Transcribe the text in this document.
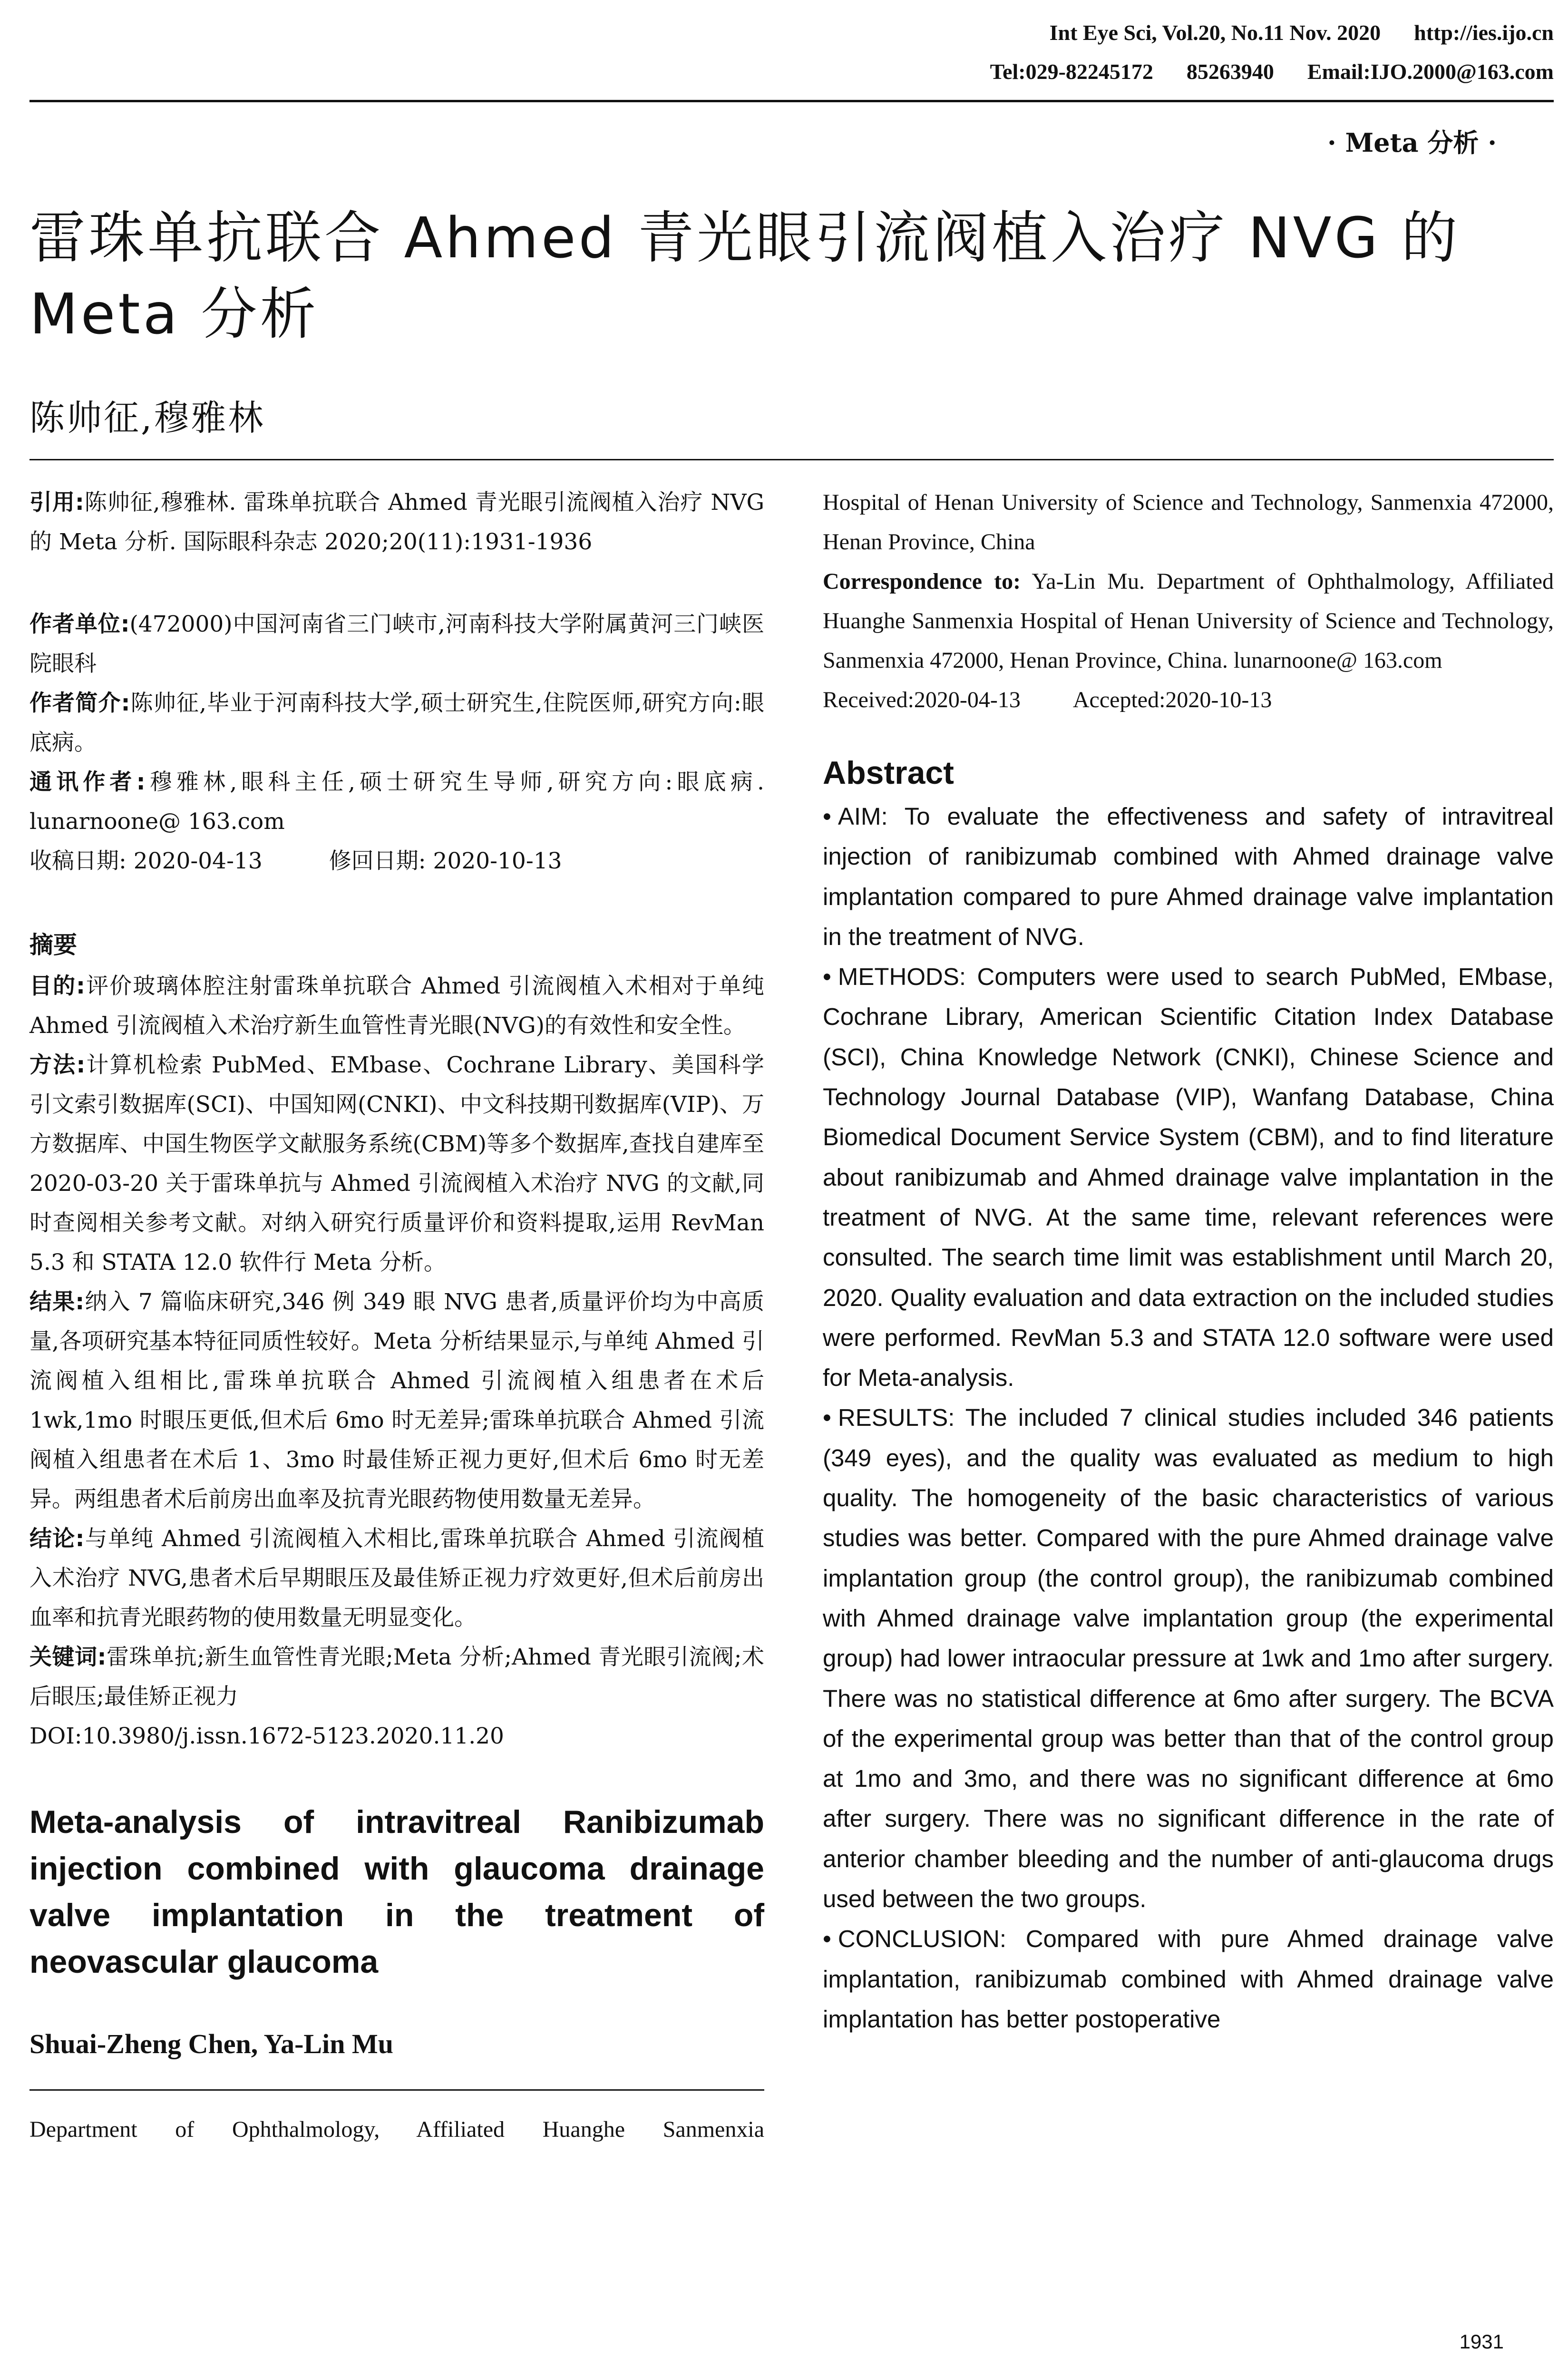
Int Eye Sci, Vol.20, No.11 Nov. 2020 http://ies.ijo.cn
Tel:029-82245172 85263940 Email:IJO.2000@163.com
· Meta 分析 ·
雷珠单抗联合 Ahmed 青光眼引流阀植入治疗 NVG 的
Meta 分析
陈帅征,穆雅林

引用:陈帅征,穆雅林. 雷珠单抗联合 Ahmed 青光眼引流阀植入治疗 NVG 的 Meta 分析. 国际眼科杂志 2020;20(11):1931-1936

作者单位:(472000)中国河南省三门峡市,河南科技大学附属黄河三门峡医院眼科

作者简介:陈帅征,毕业于河南科技大学,硕士研究生,住院医师,研究方向:眼底病。

通讯作者:穆雅林,眼科主任,硕士研究生导师,研究方向:眼底病. lunarnoone@ 163.com

收稿日期: 2020-04-13	修回日期: 2020-10-13

摘要

目的:评价玻璃体腔注射雷珠单抗联合 Ahmed 引流阀植入术相对于单纯 Ahmed 引流阀植入术治疗新生血管性青光眼(NVG)的有效性和安全性。

方法:计算机检索 PubMed、EMbase、Cochrane Library、美国科学引文索引数据库(SCI)、中国知网(CNKI)、中文科技期刊数据库(VIP)、万方数据库、中国生物医学文献服务系统(CBM)等多个数据库,查找自建库至 2020-03-20 关于雷珠单抗与 Ahmed 引流阀植入术治疗 NVG 的文献,同时查阅相关参考文献。对纳入研究行质量评价和资料提取,运用 RevMan 5.3 和 STATA 12.0 软件行 Meta 分析。

结果:纳入 7 篇临床研究,346 例 349 眼 NVG 患者,质量评价均为中高质量,各项研究基本特征同质性较好。Meta 分析结果显示,与单纯 Ahmed 引流阀植入组相比,雷珠单抗联合 Ahmed 引流阀植入组患者在术后 1wk,1mo 时眼压更低,但术后 6mo 时无差异;雷珠单抗联合 Ahmed 引流阀植入组患者在术后 1、3mo 时最佳矫正视力更好,但术后 6mo 时无差异。两组患者术后前房出血率及抗青光眼药物使用数量无差异。

结论:与单纯 Ahmed 引流阀植入术相比,雷珠单抗联合 Ahmed 引流阀植入术治疗 NVG,患者术后早期眼压及最佳矫正视力疗效更好,但术后前房出血率和抗青光眼药物的使用数量无明显变化。

关键词:雷珠单抗;新生血管性青光眼;Meta 分析;Ahmed 青光眼引流阀;术后眼压;最佳矫正视力

DOI:10.3980/j.issn.1672-5123.2020.11.20

Meta-analysis of intravitreal Ranibizumab injection combined with glaucoma drainage valve implantation in the treatment of neovascular glaucoma

Shuai-Zheng Chen, Ya-Lin Mu

Department of Ophthalmology, Affiliated Huanghe Sanmenxia

Hospital of Henan University of Science and Technology, Sanmenxia 472000, Henan Province, China

Correspondence to: Ya-Lin Mu. Department of Ophthalmology, Affiliated Huanghe Sanmenxia Hospital of Henan University of Science and Technology, Sanmenxia 472000, Henan Province, China. lunarnoone@ 163.com

Received:2020-04-13 Accepted:2020-10-13

Abstract

• AIM: To evaluate the effectiveness and safety of intravitreal injection of ranibizumab combined with Ahmed drainage valve implantation compared to pure Ahmed drainage valve implantation in the treatment of NVG.

• METHODS: Computers were used to search PubMed, EMbase, Cochrane Library, American Scientific Citation Index Database (SCI), China Knowledge Network (CNKI), Chinese Science and Technology Journal Database (VIP), Wanfang Database, China Biomedical Document Service System (CBM), and to find literature about ranibizumab and Ahmed drainage valve implantation in the treatment of NVG. At the same time, relevant references were consulted. The search time limit was establishment until March 20, 2020. Quality evaluation and data extraction on the included studies were performed. RevMan 5.3 and STATA 12.0 software were used for Meta-analysis.

• RESULTS: The included 7 clinical studies included 346 patients (349 eyes), and the quality was evaluated as medium to high quality. The homogeneity of the basic characteristics of various studies was better. Compared with the pure Ahmed drainage valve implantation group (the control group), the ranibizumab combined with Ahmed drainage valve implantation group (the experimental group) had lower intraocular pressure at 1wk and 1mo after surgery. There was no statistical difference at 6mo after surgery. The BCVA of the experimental group was better than that of the control group at 1mo and 3mo, and there was no significant difference at 6mo after surgery. There was no significant difference in the rate of anterior chamber bleeding and the number of anti-glaucoma drugs used between the two groups.

• CONCLUSION: Compared with pure Ahmed drainage valve implantation, ranibizumab combined with Ahmed drainage valve implantation has better postoperative

1931
